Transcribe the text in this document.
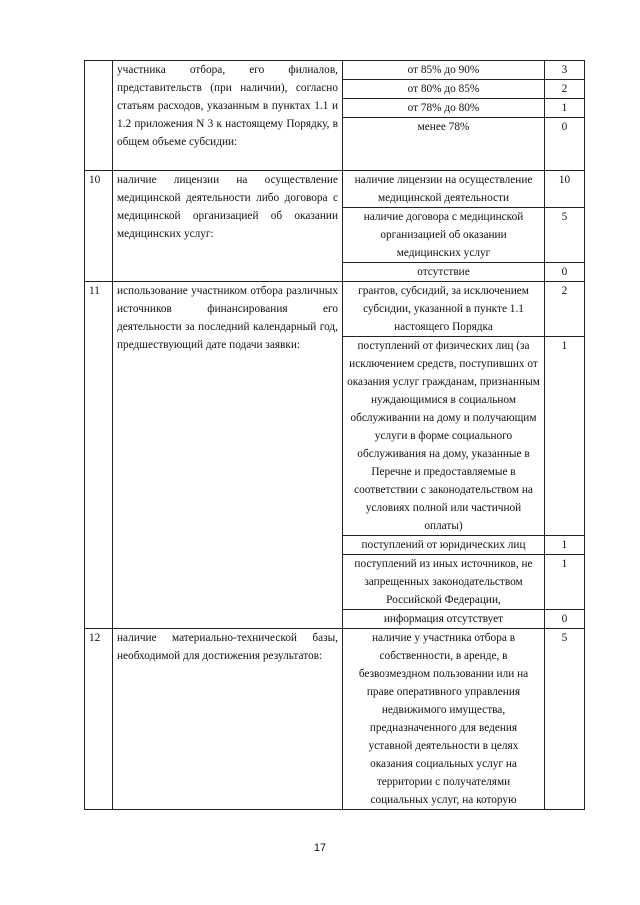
	участника отбора, его филиалов, представительств (при наличии), согласно статьям расходов, указанным в пунктах 1.1 и 1.2 приложения N 3 к настоящему Порядку, в общем объеме субсидии:	от 85% до 90%	3
		от 80% до 85%	2
		от 78% до 80%	1
		менее 78%	0
10	наличие лицензии на осуществление медицинской деятельности либо договора с медицинской организацией об оказании медицинских услуг:	наличие лицензии на осуществление медицинской деятельности	10
		наличие договора с медицинской организацией об оказании медицинских услуг	5
		отсутствие	0
11	использование участником отбора различных источников финансирования его деятельности за последний календарный год, предшествующий дате подачи заявки:	грантов, субсидий, за исключением субсидии, указанной в пункте 1.1 настоящего Порядка	2
		поступлений от физических лиц (за исключением средств, поступивших от оказания услуг гражданам, признанным нуждающимися в социальном обслуживании на дому и получающим услуги в форме социального обслуживания на дому, указанные в Перечне и предоставляемые в соответствии с законодательством на условиях полной или частичной оплаты)	1
		поступлений от юридических лиц	1
		поступлений из иных источников, не запрещенных законодательством Российской Федерации,	1
		информация отсутствует	0
12	наличие материально-технической базы, необходимой для достижения результатов:	наличие у участника отбора в собственности, в аренде, в безвозмездном пользовании или на праве оперативного управления недвижимого имущества, предназначенного для ведения уставной деятельности в целях оказания социальных услуг на территории с получателями социальных услуг, на которую	5
17
